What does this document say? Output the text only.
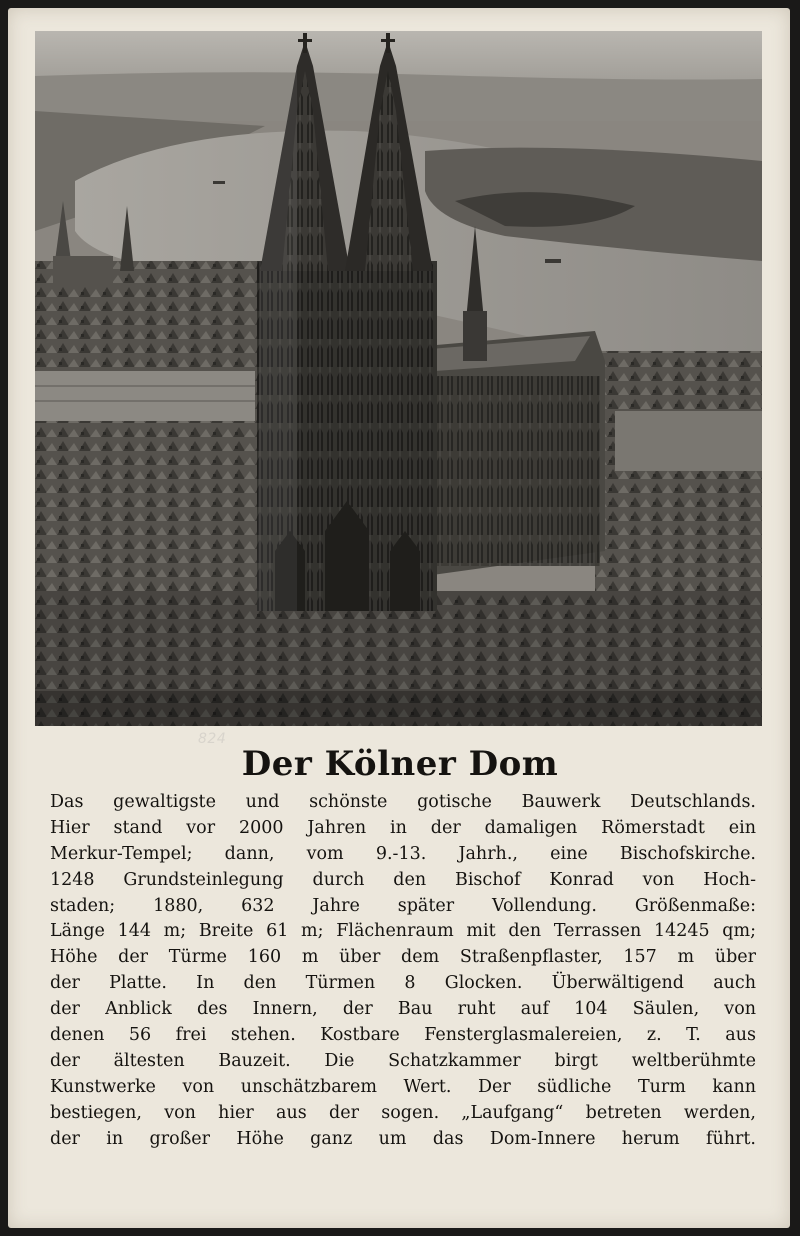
824
Der Kölner Dom
Das gewaltigste und schönste gotische Bauwerk Deutschlands.
Hier stand vor 2000 Jahren in der damaligen Römerstadt ein
Merkur-Tempel; dann, vom 9.-13. Jahrh., eine Bischofskirche.
1248 Grundsteinlegung durch den Bischof Konrad von Hoch-
staden; 1880, 632 Jahre später Vollendung. Größenmaße:
Länge 144 m; Breite 61 m; Flächenraum mit den Terrassen 14245 qm;
Höhe der Türme 160 m über dem Straßenpflaster, 157 m über
der Platte. In den Türmen 8 Glocken. Überwältigend auch
der Anblick des Innern, der Bau ruht auf 104 Säulen, von
denen 56 frei stehen. Kostbare Fensterglasmalereien, z. T. aus
der ältesten Bauzeit. Die Schatzkammer birgt weltberühmte
Kunstwerke von unschätzbarem Wert. Der südliche Turm kann
bestiegen, von hier aus der sogen. „Laufgang“ betreten werden,
der in großer Höhe ganz um das Dom-Innere herum führt.
